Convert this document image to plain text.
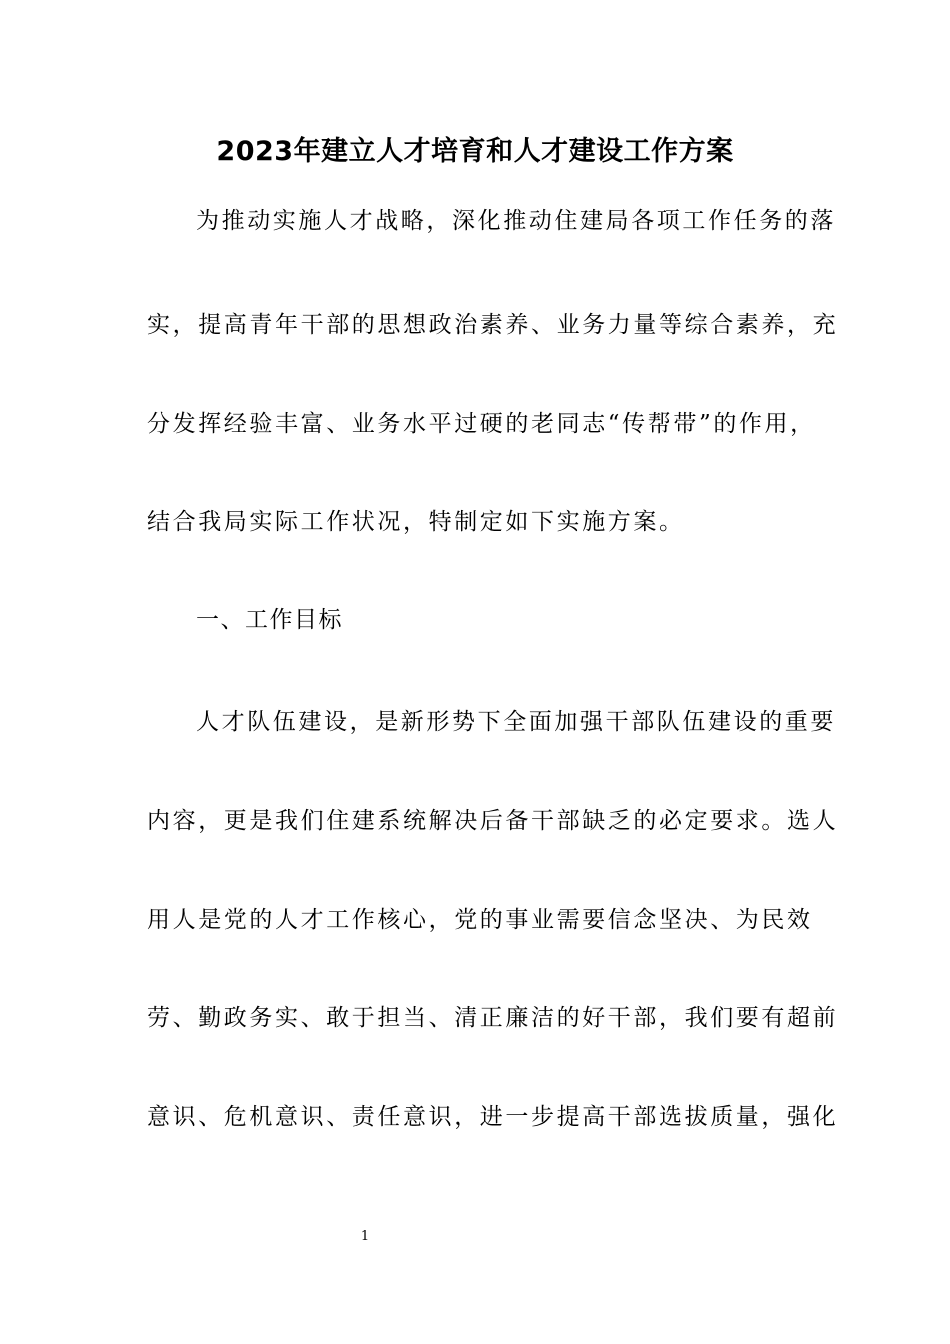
2023年建立人才培育和人才建设工作方案
为推动实施人才战略，深化推动住建局各项工作任务的落
实，提高青年干部的思想政治素养、业务力量等综合素养，充
分发挥经验丰富、业务水平过硬的老同志“传帮带”的作用，
结合我局实际工作状况，特制定如下实施方案。
一、工作目标
人才队伍建设，是新形势下全面加强干部队伍建设的重要
内容，更是我们住建系统解决后备干部缺乏的必定要求。选人
用人是党的人才工作核心，党的事业需要信念坚决、为民效
劳、勤政务实、敢于担当、清正廉洁的好干部，我们要有超前
意识、危机意识、责任意识，进一步提高干部选拔质量，强化
1
